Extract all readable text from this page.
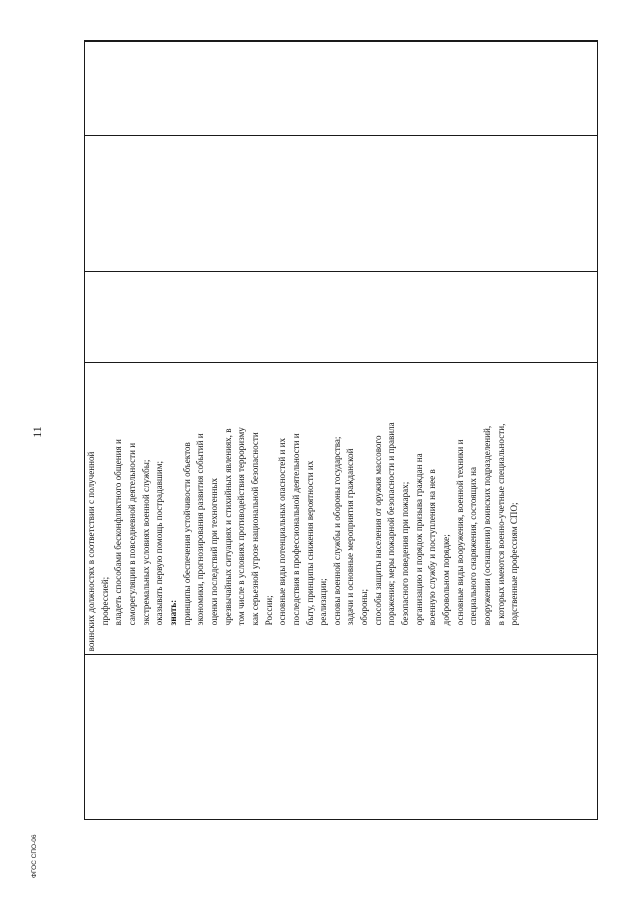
11

воинских должностях в соответствии с полученной профессией; владеть способами бесконфликтного общения и саморегуляции в повседневной деятельности и экстремальных условиях военной службы; оказывать первую помощь пострадавшим; знать: принципы обеспечения устойчивости объектов экономики, прогнозирования развития событий и оценки последствий при техногенных чрезвычайных ситуациях и стихийных явлениях, в том числе в условиях противодействия терроризму как серьезной угрозе национальной безопасности России; основные виды потенциальных опасностей и их последствия в профессиональной деятельности и быту, принципы снижения вероятности их реализации; основы военной службы и обороны государства; задачи и основные мероприятия гражданской обороны; способы защиты населения от оружия массового поражения; меры пожарной безопасности и правила безопасного поведения при пожарах; организацию и порядок призыва граждан на военную службу и поступления на нее в добровольном порядке; основные виды вооружения, военной техники и специального снаряжения, состоящих на вооружении (оснащении) воинских подразделений, в которых имеются военно-учетные специальности, родственные профессиям СПО;

ФГОС СПО-06
